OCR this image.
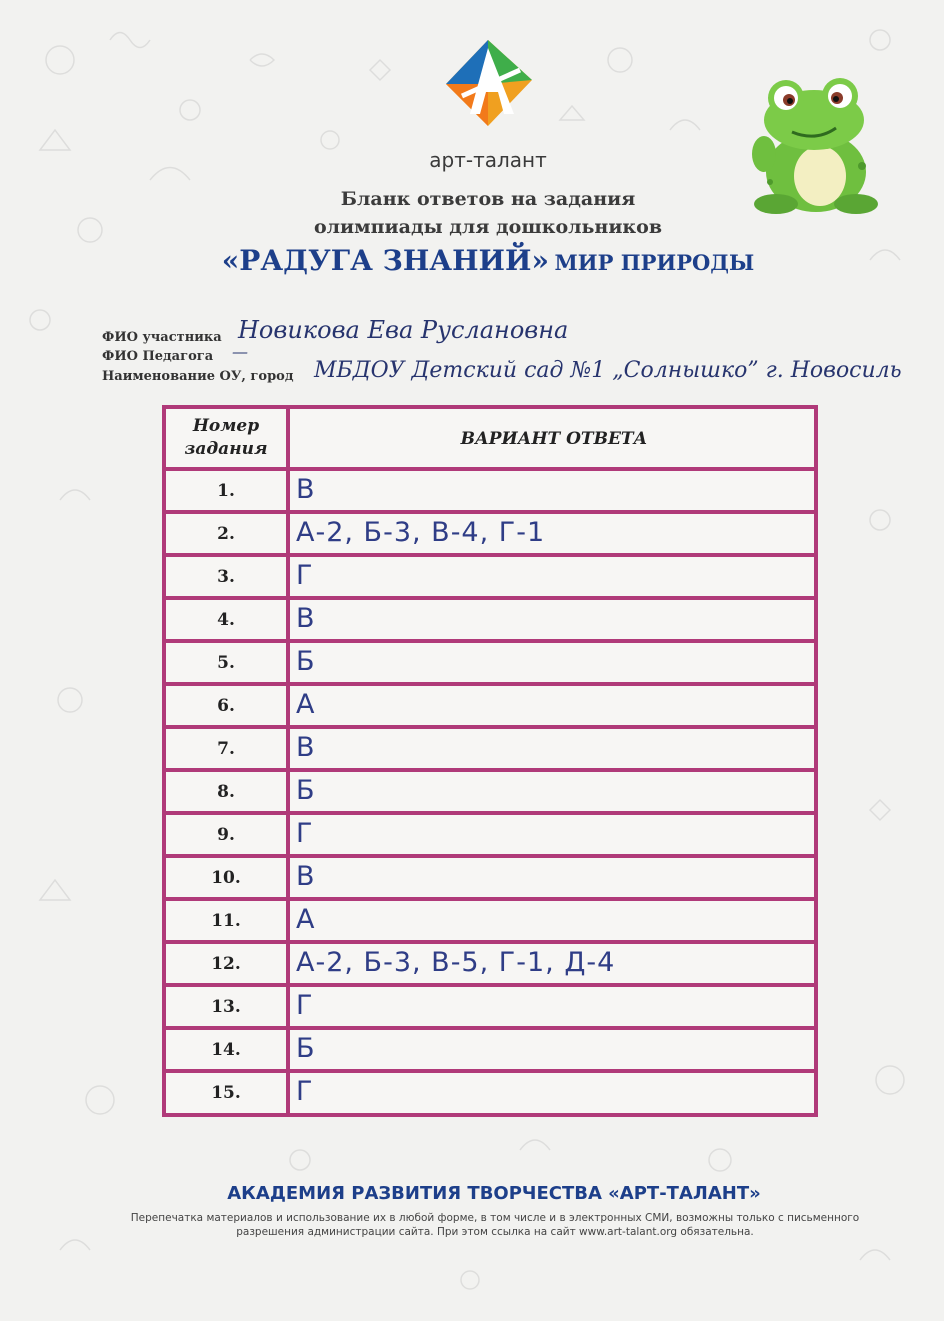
арт-талант
Бланк ответов на задания
олимпиады для дошкольников
«РАДУГА ЗНАНИЙ» МИР ПРИРОДЫ
ФИО участника Новикова Ева Руслановна
ФИО Педагога —
Наименование ОУ, город МБДОУ Детский сад №1 „Солнышко” г. Новосиль
Номер
задания	ВАРИАНТ ОТВЕТА
1.	В
2.	А-2, Б-3, В-4, Г-1
3.	Г
4.	В
5.	Б
6.	А
7.	В
8.	Б
9.	Г
10.	В
11.	А
12.	А-2, Б-3, В-5, Г-1, Д-4
13.	Г
14.	Б
15.	Г
АКАДЕМИЯ РАЗВИТИЯ ТВОРЧЕСТВА «АРТ-ТАЛАНТ»
Перепечатка материалов и использование их в любой форме, в том числе и в электронных СМИ, возможны только с письменного разрешения администрации сайта. При этом ссылка на сайт www.art-talant.org обязательна.
